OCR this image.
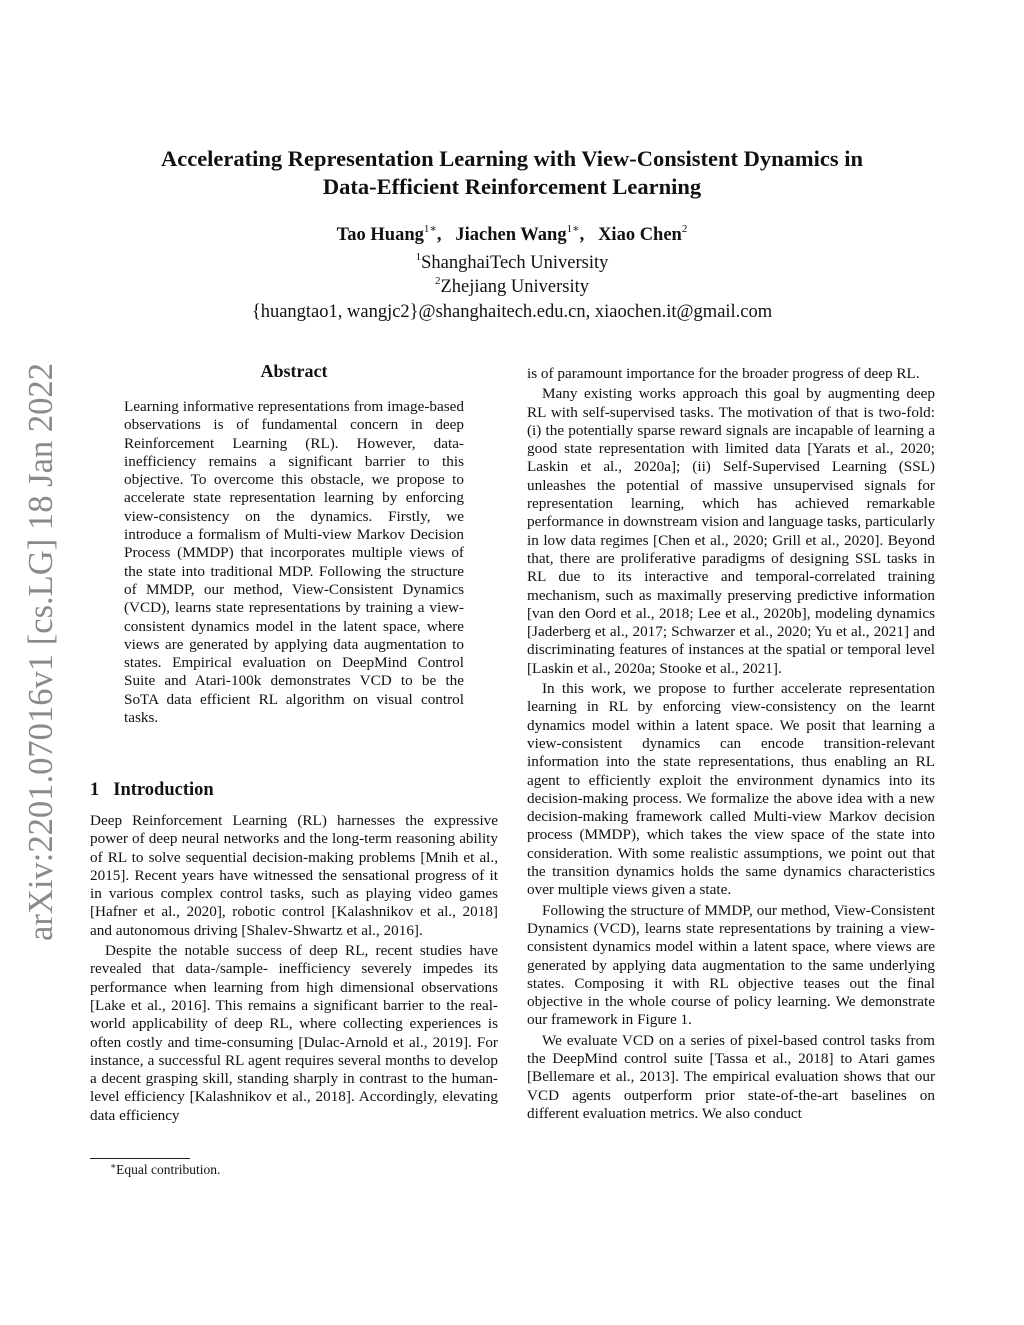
arXiv:2201.07016v1 [cs.LG] 18 Jan 2022
Accelerating Representation Learning with View-Consistent Dynamics in
Data-Efficient Reinforcement Learning
Tao Huang$^{1∗}$,   Jiachen Wang$^{1∗}$,   Xiao Chen$^2$
$^1$ShanghaiTech University
$^2$Zhejiang University
{huangtao1, wangjc2}@shanghaitech.edu.cn, xiaochen.it@gmail.com
Abstract
Learning informative representations from image-based observations is of fundamental concern in deep Reinforcement Learning (RL). However, data-inefficiency remains a significant barrier to this objective. To overcome this obstacle, we propose to accelerate state representation learning by enforcing view-consistency on the dynamics. Firstly, we introduce a formalism of Multi-view Markov Decision Process (MMDP) that incorporates multiple views of the state into traditional MDP. Following the structure of MMDP, our method, View-Consistent Dynamics (VCD), learns state representations by training a view-consistent dynamics model in the latent space, where views are generated by applying data augmentation to states. Empirical evaluation on DeepMind Control Suite and Atari-100k demonstrates VCD to be the SoTA data efficient RL algorithm on visual control tasks.
1 Introduction

Deep Reinforcement Learning (RL) harnesses the expressive power of deep neural networks and the long-term reasoning ability of RL to solve sequential decision-making problems [Mnih et al., 2015]. Recent years have witnessed the sensational progress of it in various complex control tasks, such as playing video games [Hafner et al., 2020], robotic control [Kalashnikov et al., 2018] and autonomous driving [Shalev-Shwartz et al., 2016].

Despite the notable success of deep RL, recent studies have revealed that data-/sample- inefficiency severely impedes its performance when learning from high dimensional observations [Lake et al., 2016]. This remains a significant barrier to the real-world applicability of deep RL, where collecting experiences is often costly and time-consuming [Dulac-Arnold et al., 2019]. For instance, a successful RL agent requires several months to develop a decent grasping skill, standing sharply in contrast to the human-level efficiency [Kalashnikov et al., 2018]. Accordingly, elevating data efficiency

is of paramount importance for the broader progress of deep RL.

Many existing works approach this goal by augmenting deep RL with self-supervised tasks. The motivation of that is two-fold: (i) the potentially sparse reward signals are incapable of learning a good state representation with limited data [Yarats et al., 2020; Laskin et al., 2020a]; (ii) Self-Supervised Learning (SSL) unleashes the potential of massive unsupervised signals for representation learning, which has achieved remarkable performance in downstream vision and language tasks, particularly in low data regimes [Chen et al., 2020; Grill et al., 2020]. Beyond that, there are proliferative paradigms of designing SSL tasks in RL due to its interactive and temporal-correlated training mechanism, such as maximally preserving predictive information [van den Oord et al., 2018; Lee et al., 2020b], modeling dynamics [Jaderberg et al., 2017; Schwarzer et al., 2020; Yu et al., 2021] and discriminating features of instances at the spatial or temporal level [Laskin et al., 2020a; Stooke et al., 2021].

In this work, we propose to further accelerate representation learning in RL by enforcing view-consistency on the learnt dynamics model within a latent space. We posit that learning a view-consistent dynamics can encode transition-relevant information into the state representations, thus enabling an RL agent to efficiently exploit the environment dynamics into its decision-making process. We formalize the above idea with a new decision-making framework called Multi-view Markov decision process (MMDP), which takes the view space of the state into consideration. With some realistic assumptions, we point out that the transition dynamics holds the same dynamics characteristics over multiple views given a state.

Following the structure of MMDP, our method, View-Consistent Dynamics (VCD), learns state representations by training a view-consistent dynamics model within a latent space, where views are generated by applying data augmentation to the same underlying states. Composing it with RL objective teases out the final objective in the whole course of policy learning. We demonstrate our framework in Figure 1.

We evaluate VCD on a series of pixel-based control tasks from the DeepMind control suite [Tassa et al., 2018] to Atari games [Bellemare et al., 2013]. The empirical evaluation shows that our VCD agents outperform prior state-of-the-art baselines on different evaluation metrics. We also conduct

∗Equal contribution.
